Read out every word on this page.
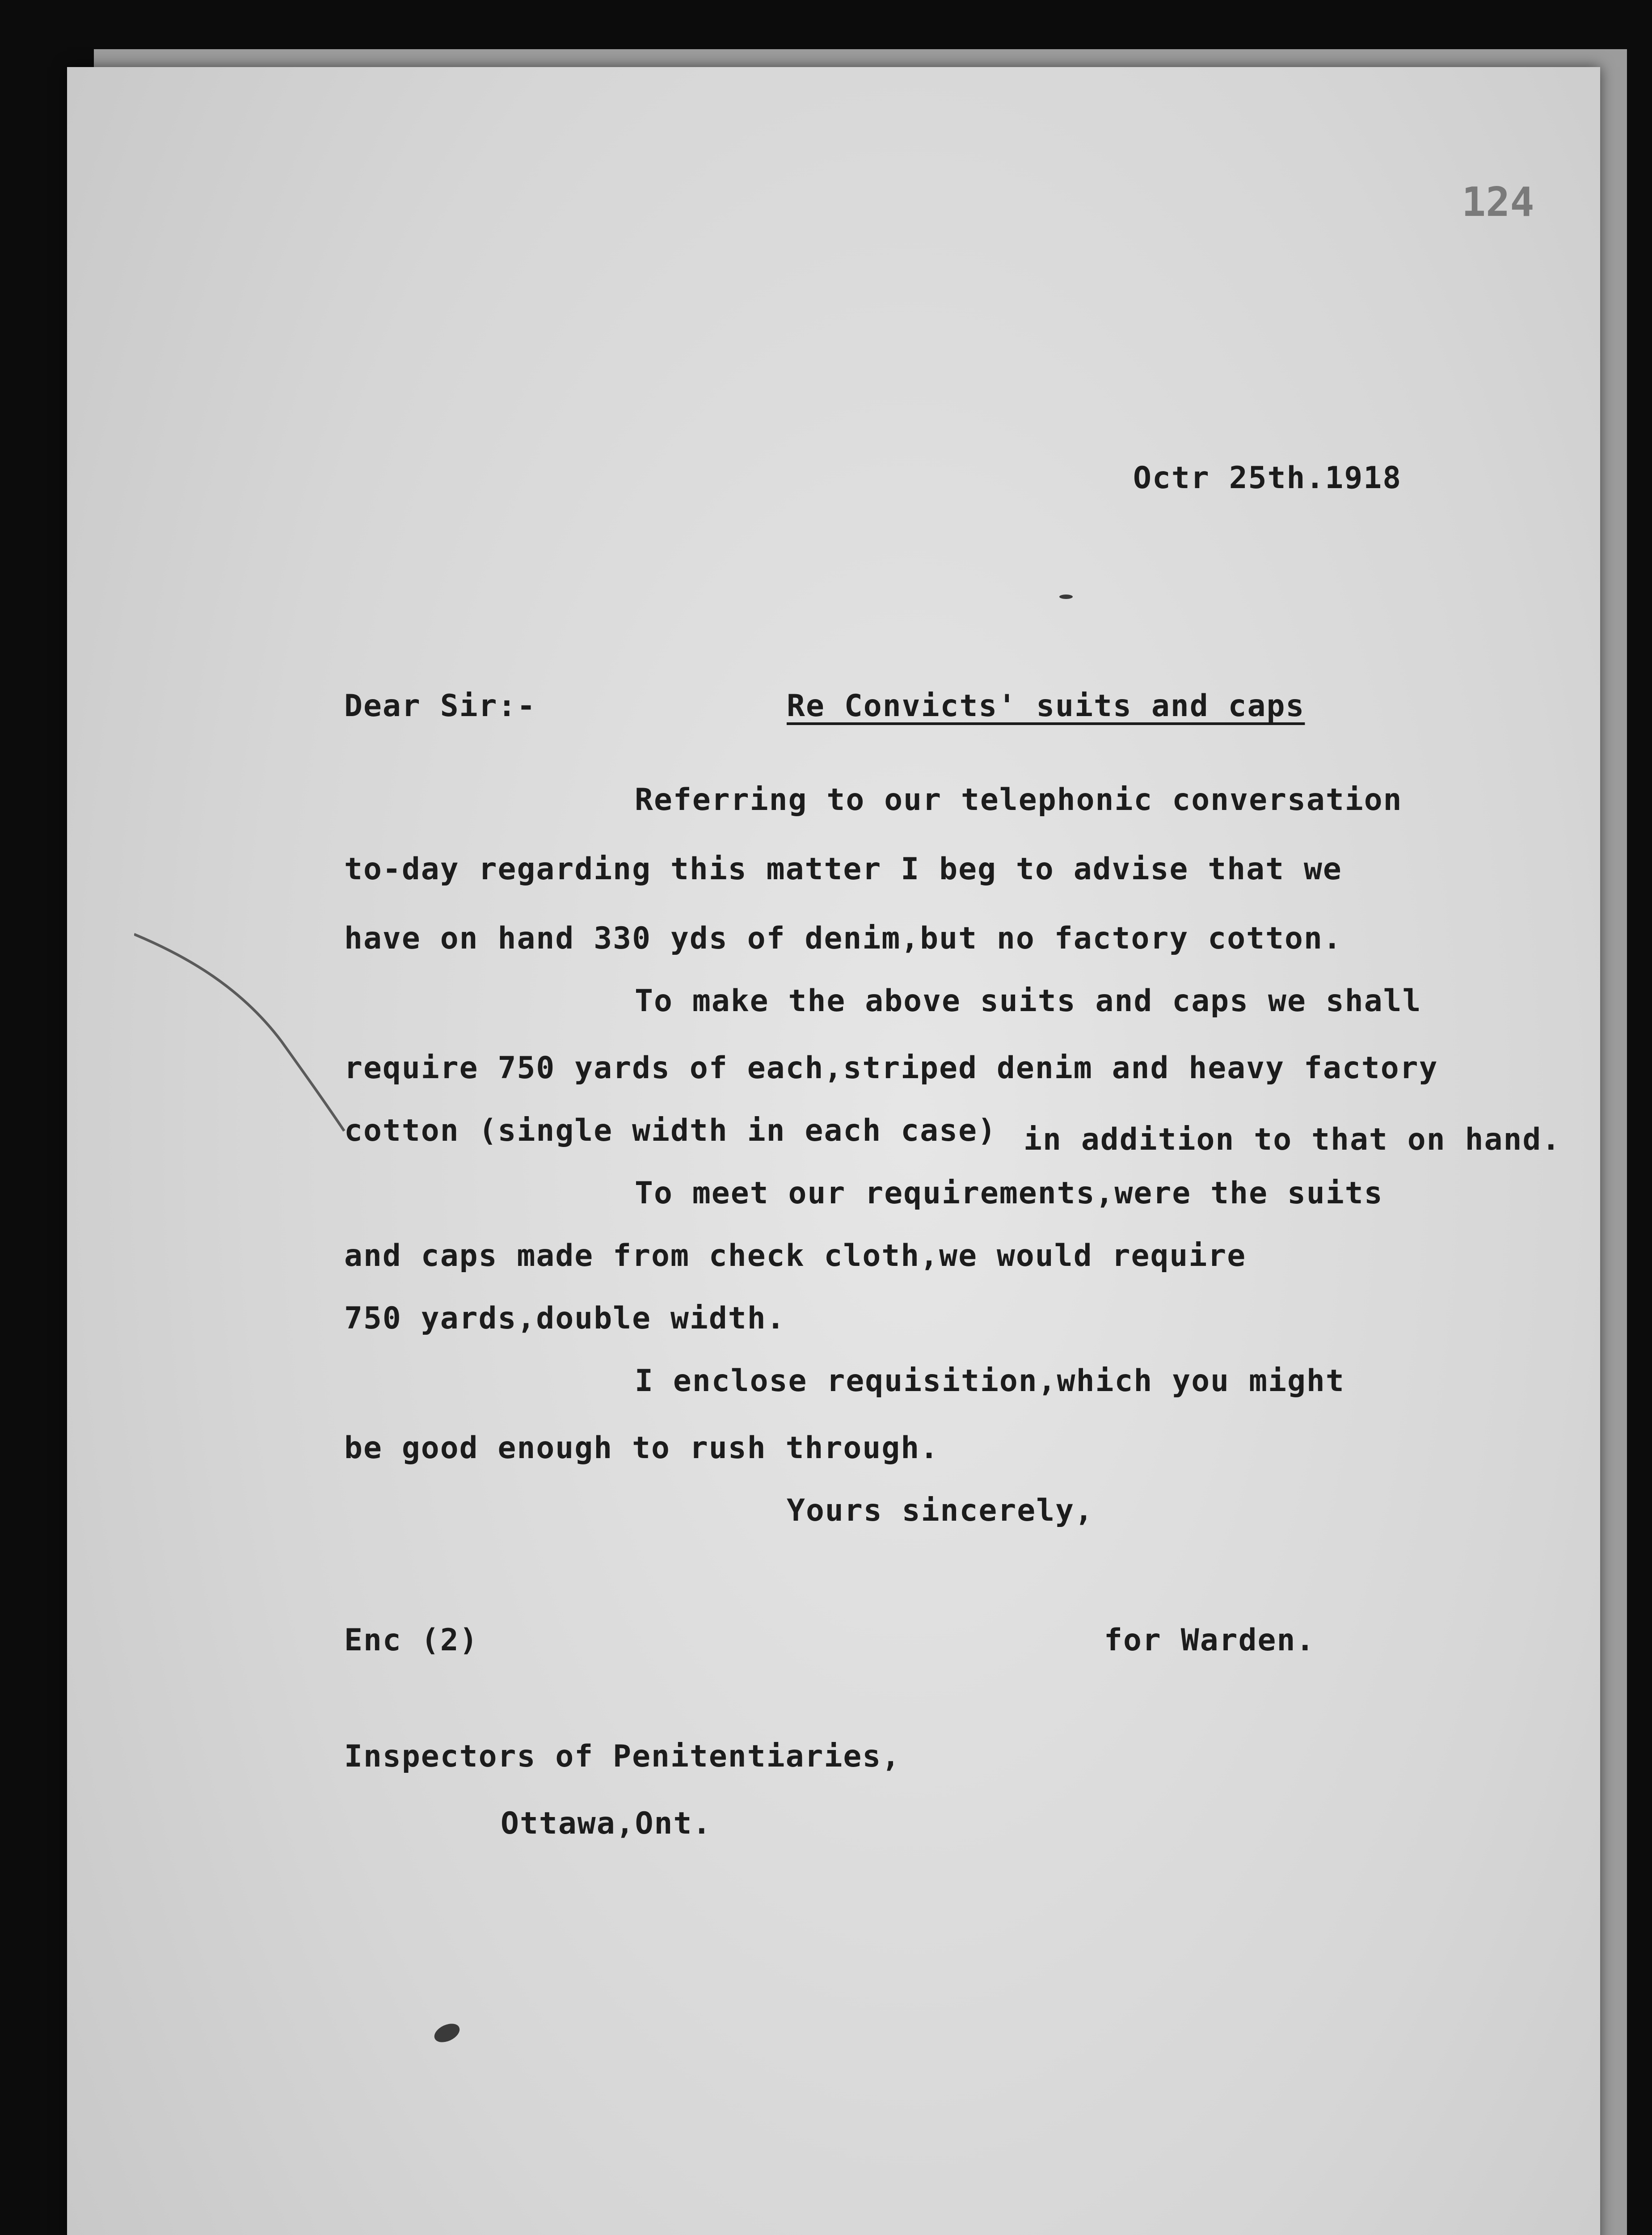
124
Octr 25th.1918
Dear Sir:-	Re Convicts' suits and caps
Referring to our telephonic conversation
to-day regarding this matter I beg to advise that we
have on hand 330 yds of denim,but no factory cotton.
To make the above suits and caps we shall
require 750 yards of each,striped denim and heavy factory
cotton (single width in each case) in addition to that on hand.
To meet our requirements,were the suits
and caps made from check cloth,we would require
750 yards,double width.
I enclose requisition,which you might
be good enough to rush through.
Yours sincerely,
Enc (2)	for Warden.
Inspectors of Penitentiaries,
Ottawa,Ont.
